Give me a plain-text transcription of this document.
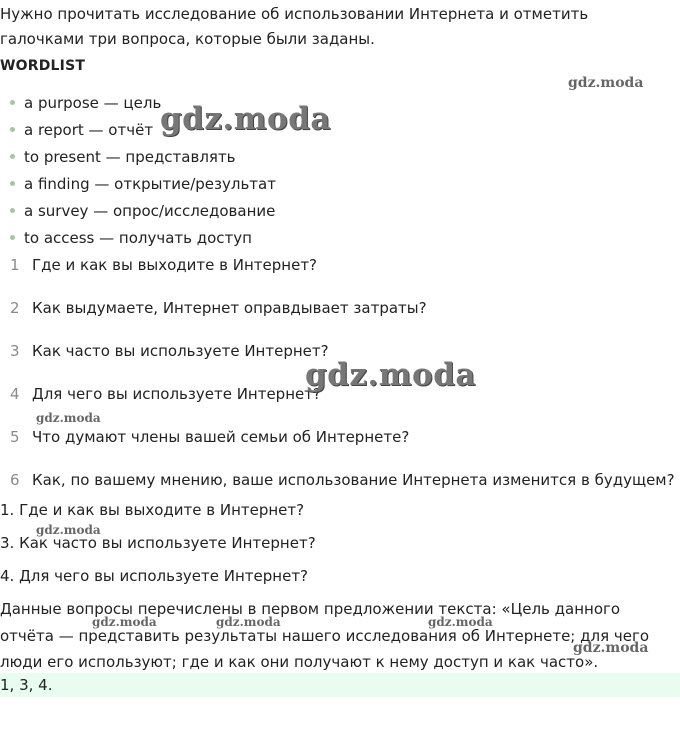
Нужно прочитать исследование об использовании Интернета и отметить галочками три вопроса, которые были заданы.
WORDLIST
a purpose — цель
a report — отчёт
to present — представлять
a finding — открытие/результат
a survey — опрос/исследование
to access — получать доступ
1 Где и как вы выходите в Интернет?
2 Как выдумаете, Интернет оправдывает затраты?
3 Как часто вы используете Интернет?
4 Для чего вы используете Интернет?
5 Что думают члены вашей семьи об Интернете?
6 Как, по вашему мнению, ваше использование Интернета изменится в будущем?
1. Где и как вы выходите в Интернет?
3. Как часто вы используете Интернет?
4. Для чего вы используете Интернет?
Данные вопросы перечислены в первом предложении текста: «Цель данного отчёта — представить результаты нашего исследования об Интернете; для чего люди его используют; где и как они получают к нему доступ и как часто».
1, 3, 4.
gdz.moda
gdz.moda
gdz.moda
gdz.moda
gdz.moda
gdz.moda	gdz.moda	gdz.moda
gdz.moda
